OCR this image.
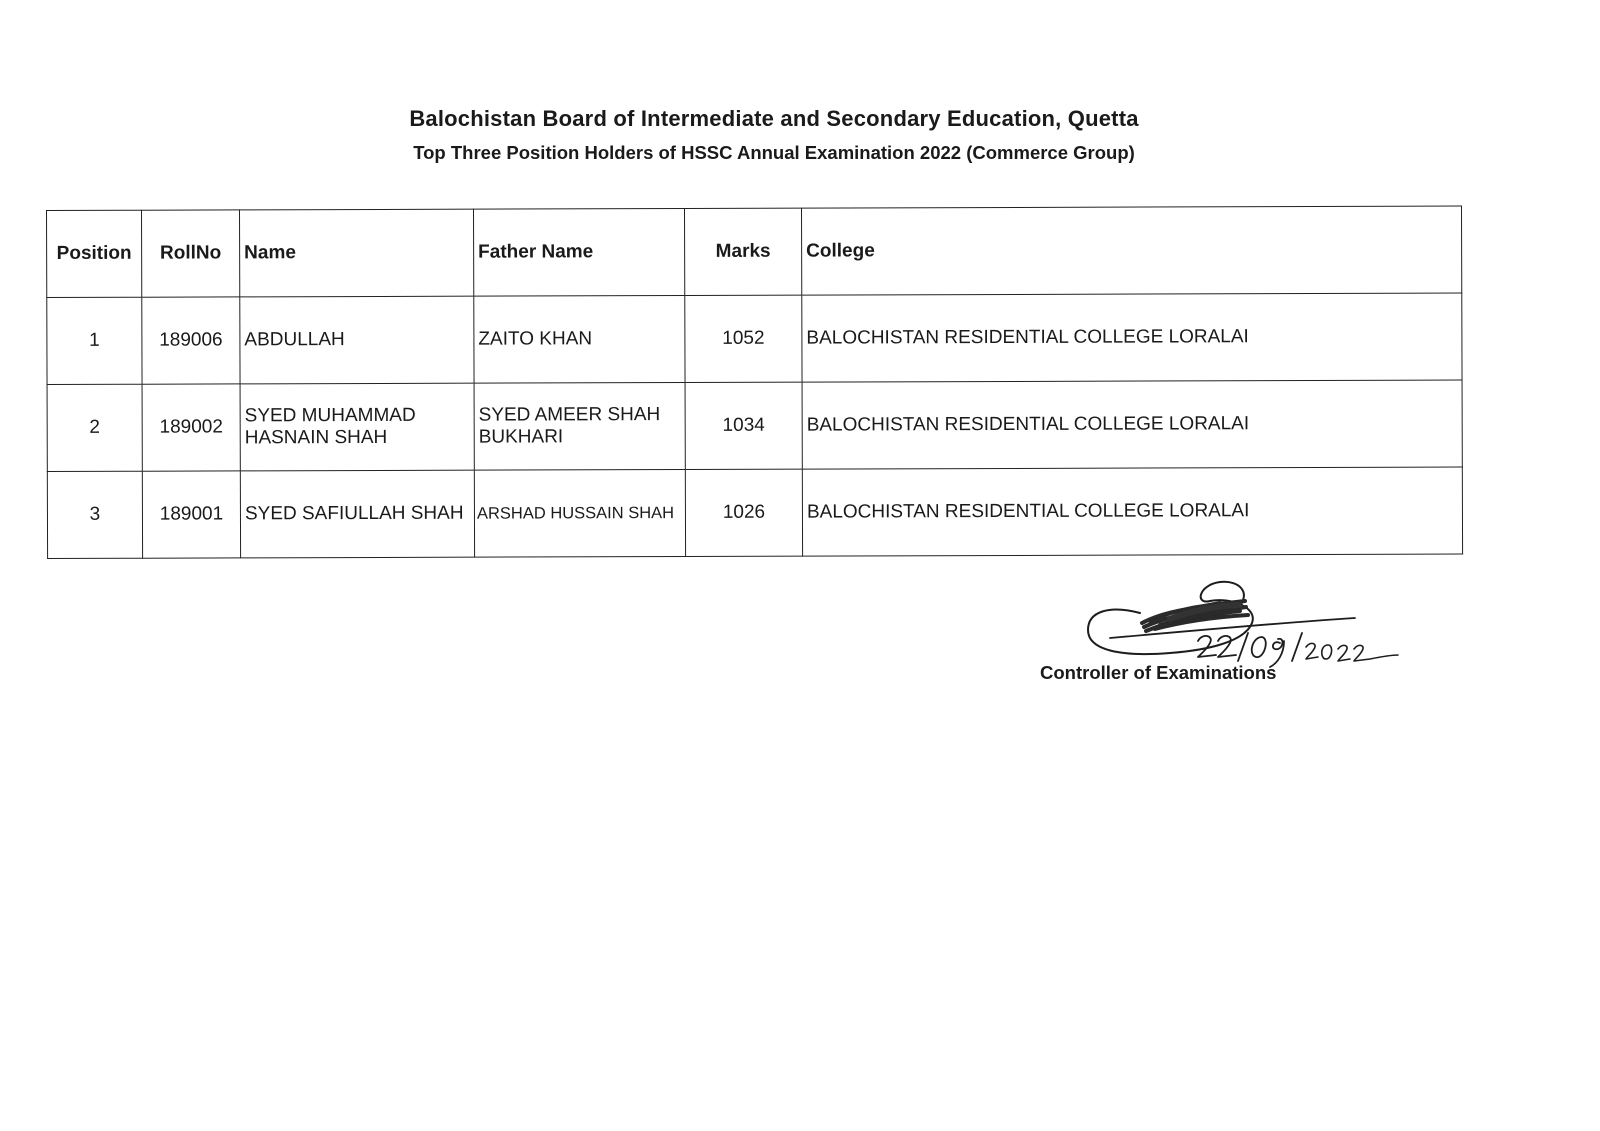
Balochistan Board of Intermediate and Secondary Education, Quetta
Top Three Position Holders of HSSC Annual Examination 2022 (Commerce Group)
Position	RollNo	Name	Father Name	Marks	College
1	189006	ABDULLAH	ZAITO KHAN	1052	BALOCHISTAN RESIDENTIAL COLLEGE LORALAI
2	189002	SYED MUHAMMAD HASNAIN SHAH	SYED AMEER SHAH BUKHARI	1034	BALOCHISTAN RESIDENTIAL COLLEGE LORALAI
3	189001	SYED SAFIULLAH SHAH	ARSHAD HUSSAIN SHAH	1026	BALOCHISTAN RESIDENTIAL COLLEGE LORALAI
Controller of Examinations
